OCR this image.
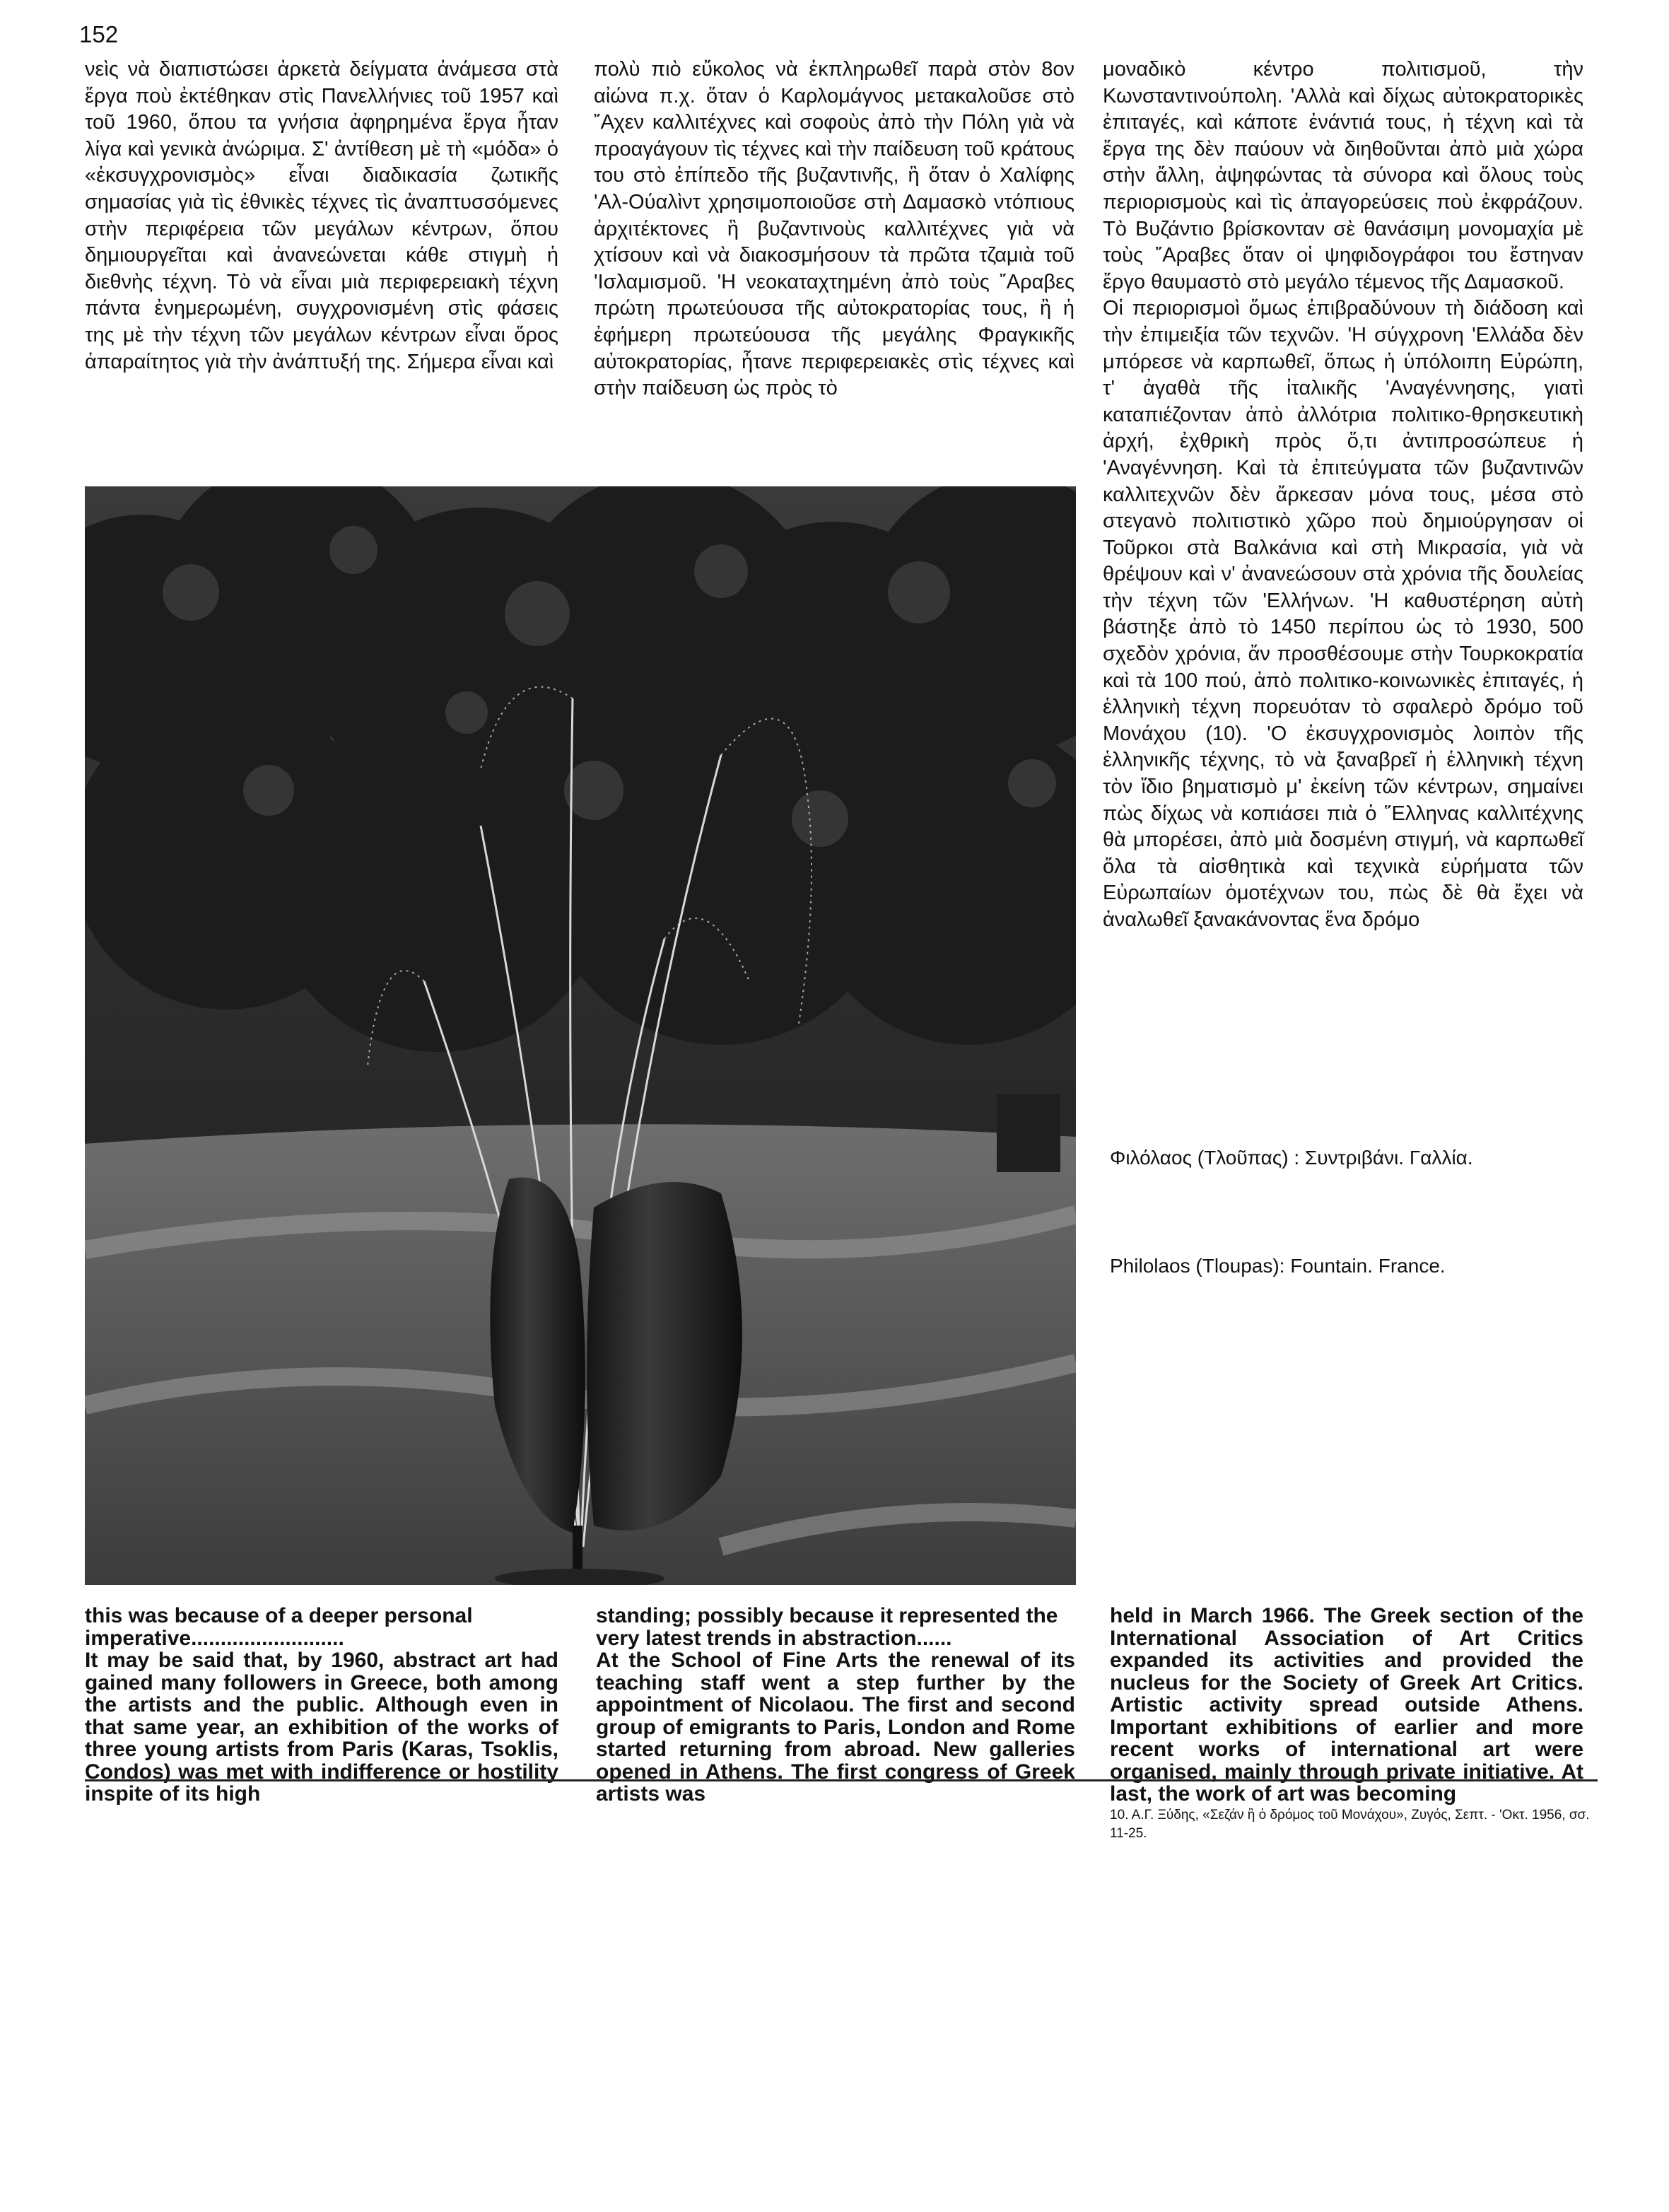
152

νεὶς νὰ διαπιστώσει ἀρκετὰ δείγματα ἀνάμεσα στὰ ἔργα ποὺ ἐκτέθηκαν στὶς Πανελλήνιες τοῦ 1957 καὶ τοῦ 1960, ὅπου τα γνήσια ἀφηρημένα ἔργα ἦταν λίγα καὶ γενικὰ ἀνώριμα. Σ' ἀντίθεση μὲ τὴ «μόδα» ὁ «ἐκσυγχρονισμὸς» εἶναι διαδικασία ζωτικῆς σημασίας γιὰ τὶς ἐθνικὲς τέχνες τὶς ἀναπτυσσόμενες στὴν περιφέρεια τῶν μεγάλων κέντρων, ὅπου δημιουργεῖται καὶ ἀνανεώνεται κάθε στιγμὴ ἡ διεθνὴς τέχνη. Τὸ νὰ εἶναι μιὰ περιφερειακὴ τέχνη πάντα ἐνημερωμένη, συγχρονισμένη στὶς φάσεις της μὲ τὴν τέχνη τῶν μεγάλων κέντρων εἶναι ὅρος ἀπαραίτητος γιὰ τὴν ἀνάπτυξή της. Σήμερα εἶναι καὶ

πολὺ πιὸ εὔκολος νὰ ἐκπληρωθεῖ παρὰ στὸν 8ον αἰώνα π.χ. ὅταν ὁ Καρλομάγνος μετακαλοῦσε στὸ ῎Αχεν καλλιτέχνες καὶ σοφοὺς ἀπὸ τὴν Πόλη γιὰ νὰ προαγάγουν τὶς τέχνες καὶ τὴν παίδευση τοῦ κράτους του στὸ ἐπίπεδο τῆς βυζαντινῆς, ἢ ὅταν ὁ Χαλίφης 'Αλ-Ούαλὶντ χρησιμοποιοῦσε στὴ Δαμασκὸ ντόπιους ἀρχιτέκτονες ἢ βυζαντινοὺς καλλιτέχνες γιὰ νὰ χτίσουν καὶ νὰ διακοσμήσουν τὰ πρῶτα τζαμιὰ τοῦ 'Ισλαμισμοῦ. 'Η νεοκαταχτημένη ἀπὸ τοὺς ῎Αραβες πρώτη πρωτεύουσα τῆς αὐτοκρατορίας τους, ἢ ἡ ἐφήμερη πρωτεύουσα τῆς μεγάλης Φραγκικῆς αὐτοκρατορίας, ἦτανε περιφερειακὲς στὶς τέχνες καὶ στὴν παίδευση ὡς πρὸς τὸ

μοναδικὸ κέντρο πολιτισμοῦ, τὴν Κωνσταντινούπολη. 'Αλλὰ καὶ δίχως αὐτοκρατορικὲς ἐπιταγές, καὶ κάποτε ἐνάντιά τους, ἡ τέχνη καὶ τὰ ἔργα της δὲν παύουν νὰ διηθοῦνται ἀπὸ μιὰ χώρα στὴν ἄλλη, ἀψηφώντας τὰ σύνορα καὶ ὅλους τοὺς περιορισμοὺς καὶ τὶς ἀπαγορεύσεις ποὺ ἐκφράζουν. Τὸ Βυζάντιο βρίσκονταν σὲ θανάσιμη μονομαχία μὲ τοὺς ῎Αραβες ὅταν οἱ ψηφιδογράφοι του ἔστηναν ἔργο θαυμαστὸ στὸ μεγάλο τέμενος τῆς Δαμασκοῦ.

Οἱ περιορισμοὶ ὅμως ἐπιβραδύνουν τὴ διάδοση καὶ τὴν ἐπιμειξία τῶν τεχνῶν. 'Η σύγχρονη 'Ελλάδα δὲν μπόρεσε νὰ καρπωθεῖ, ὅπως ἡ ὑπόλοιπη Εὐρώπη, τ' ἀγαθὰ τῆς ἰταλικῆς 'Αναγέννησης, γιατὶ καταπιέζονταν ἀπὸ ἀλλότρια πολιτικο-θρησκευτικὴ ἀρχή, ἐχθρικὴ πρὸς ὅ,τι ἀντιπροσώπευε ἡ 'Αναγέννηση. Καὶ τὰ ἐπιτεύγματα τῶν βυζαντινῶν καλλιτεχνῶν δὲν ἄρκεσαν μόνα τους, μέσα στὸ στεγανὸ πολιτιστικὸ χῶρο ποὺ δημιούργησαν οἱ Τοῦρκοι στὰ Βαλκάνια καὶ στὴ Μικρασία, γιὰ νὰ θρέψουν καὶ ν' ἀνανεώσουν στὰ χρόνια τῆς δουλείας τὴν τέχνη τῶν 'Ελλήνων. 'Η καθυστέρηση αὐτὴ βάστηξε ἀπὸ τὸ 1450 περίπου ὡς τὸ 1930, 500 σχεδὸν χρόνια, ἄν προσθέσουμε στὴν Τουρκοκρατία καὶ τὰ 100 πού, ἀπὸ πολιτικο-κοινωνικὲς ἐπιταγές, ἡ ἑλληνικὴ τέχνη πορευόταν τὸ σφαλερὸ δρόμο τοῦ Μονάχου (10). 'Ο ἐκσυγχρονισμὸς λοιπὸν τῆς ἑλληνικῆς τέχνης, τὸ νὰ ξαναβρεῖ ἡ ἑλληνικὴ τέχνη τὸν ἴδιο βηματισμὸ μ' ἐκείνη τῶν κέντρων, σημαίνει πὼς δίχως νὰ κοπιάσει πιὰ ὁ ῞Ελληνας καλλιτέχνης θὰ μπορέσει, ἀπὸ μιὰ δοσμένη στιγμή, νὰ καρπωθεῖ ὅλα τὰ αἰσθητικὰ καὶ τεχνικὰ εὑρήματα τῶν Εὐρωπαίων ὁμοτέχνων του, πὼς δὲ θὰ ἔχει νὰ ἀναλωθεῖ ξανακάνοντας ἕνα δρόμο

Φιλόλαος (Τλοῦπας) : Συντριβάνι. Γαλλία.
Philolaos (Tloupas): Fountain. France.

this was because of a deeper personal imperative..........................

It may be said that, by 1960, abstract art had gained many followers in Greece, both among the artists and the public. Although even in that same year, an exhibition of the works of three young artists from Paris (Karas, Tsoklis, Condos) was met with indifference or hostility inspite of its high

standing; possibly because it represented the very latest trends in abstraction......

At the School of Fine Arts the renewal of its teaching staff went a step further by the appointment of Nicolaou. The first and second group of emigrants to Paris, London and Rome started returning from abroad. New galleries opened in Athens. The first congress of Greek artists was

held in March 1966. The Greek section of the International Association of Art Critics expanded its activities and provided the nucleus for the Society of Greek Art Critics. Artistic activity spread outside Athens. Important exhibitions of earlier and more recent works of international art were organised, mainly through private initiative. At last, the work of art was becoming

10. Α.Γ. Ξύδης, «Σεζάν ἢ ὁ δρόμος τοῦ Μονάχου», Ζυγός, Σεπτ. - 'Οκτ. 1956, σσ. 11-25.
